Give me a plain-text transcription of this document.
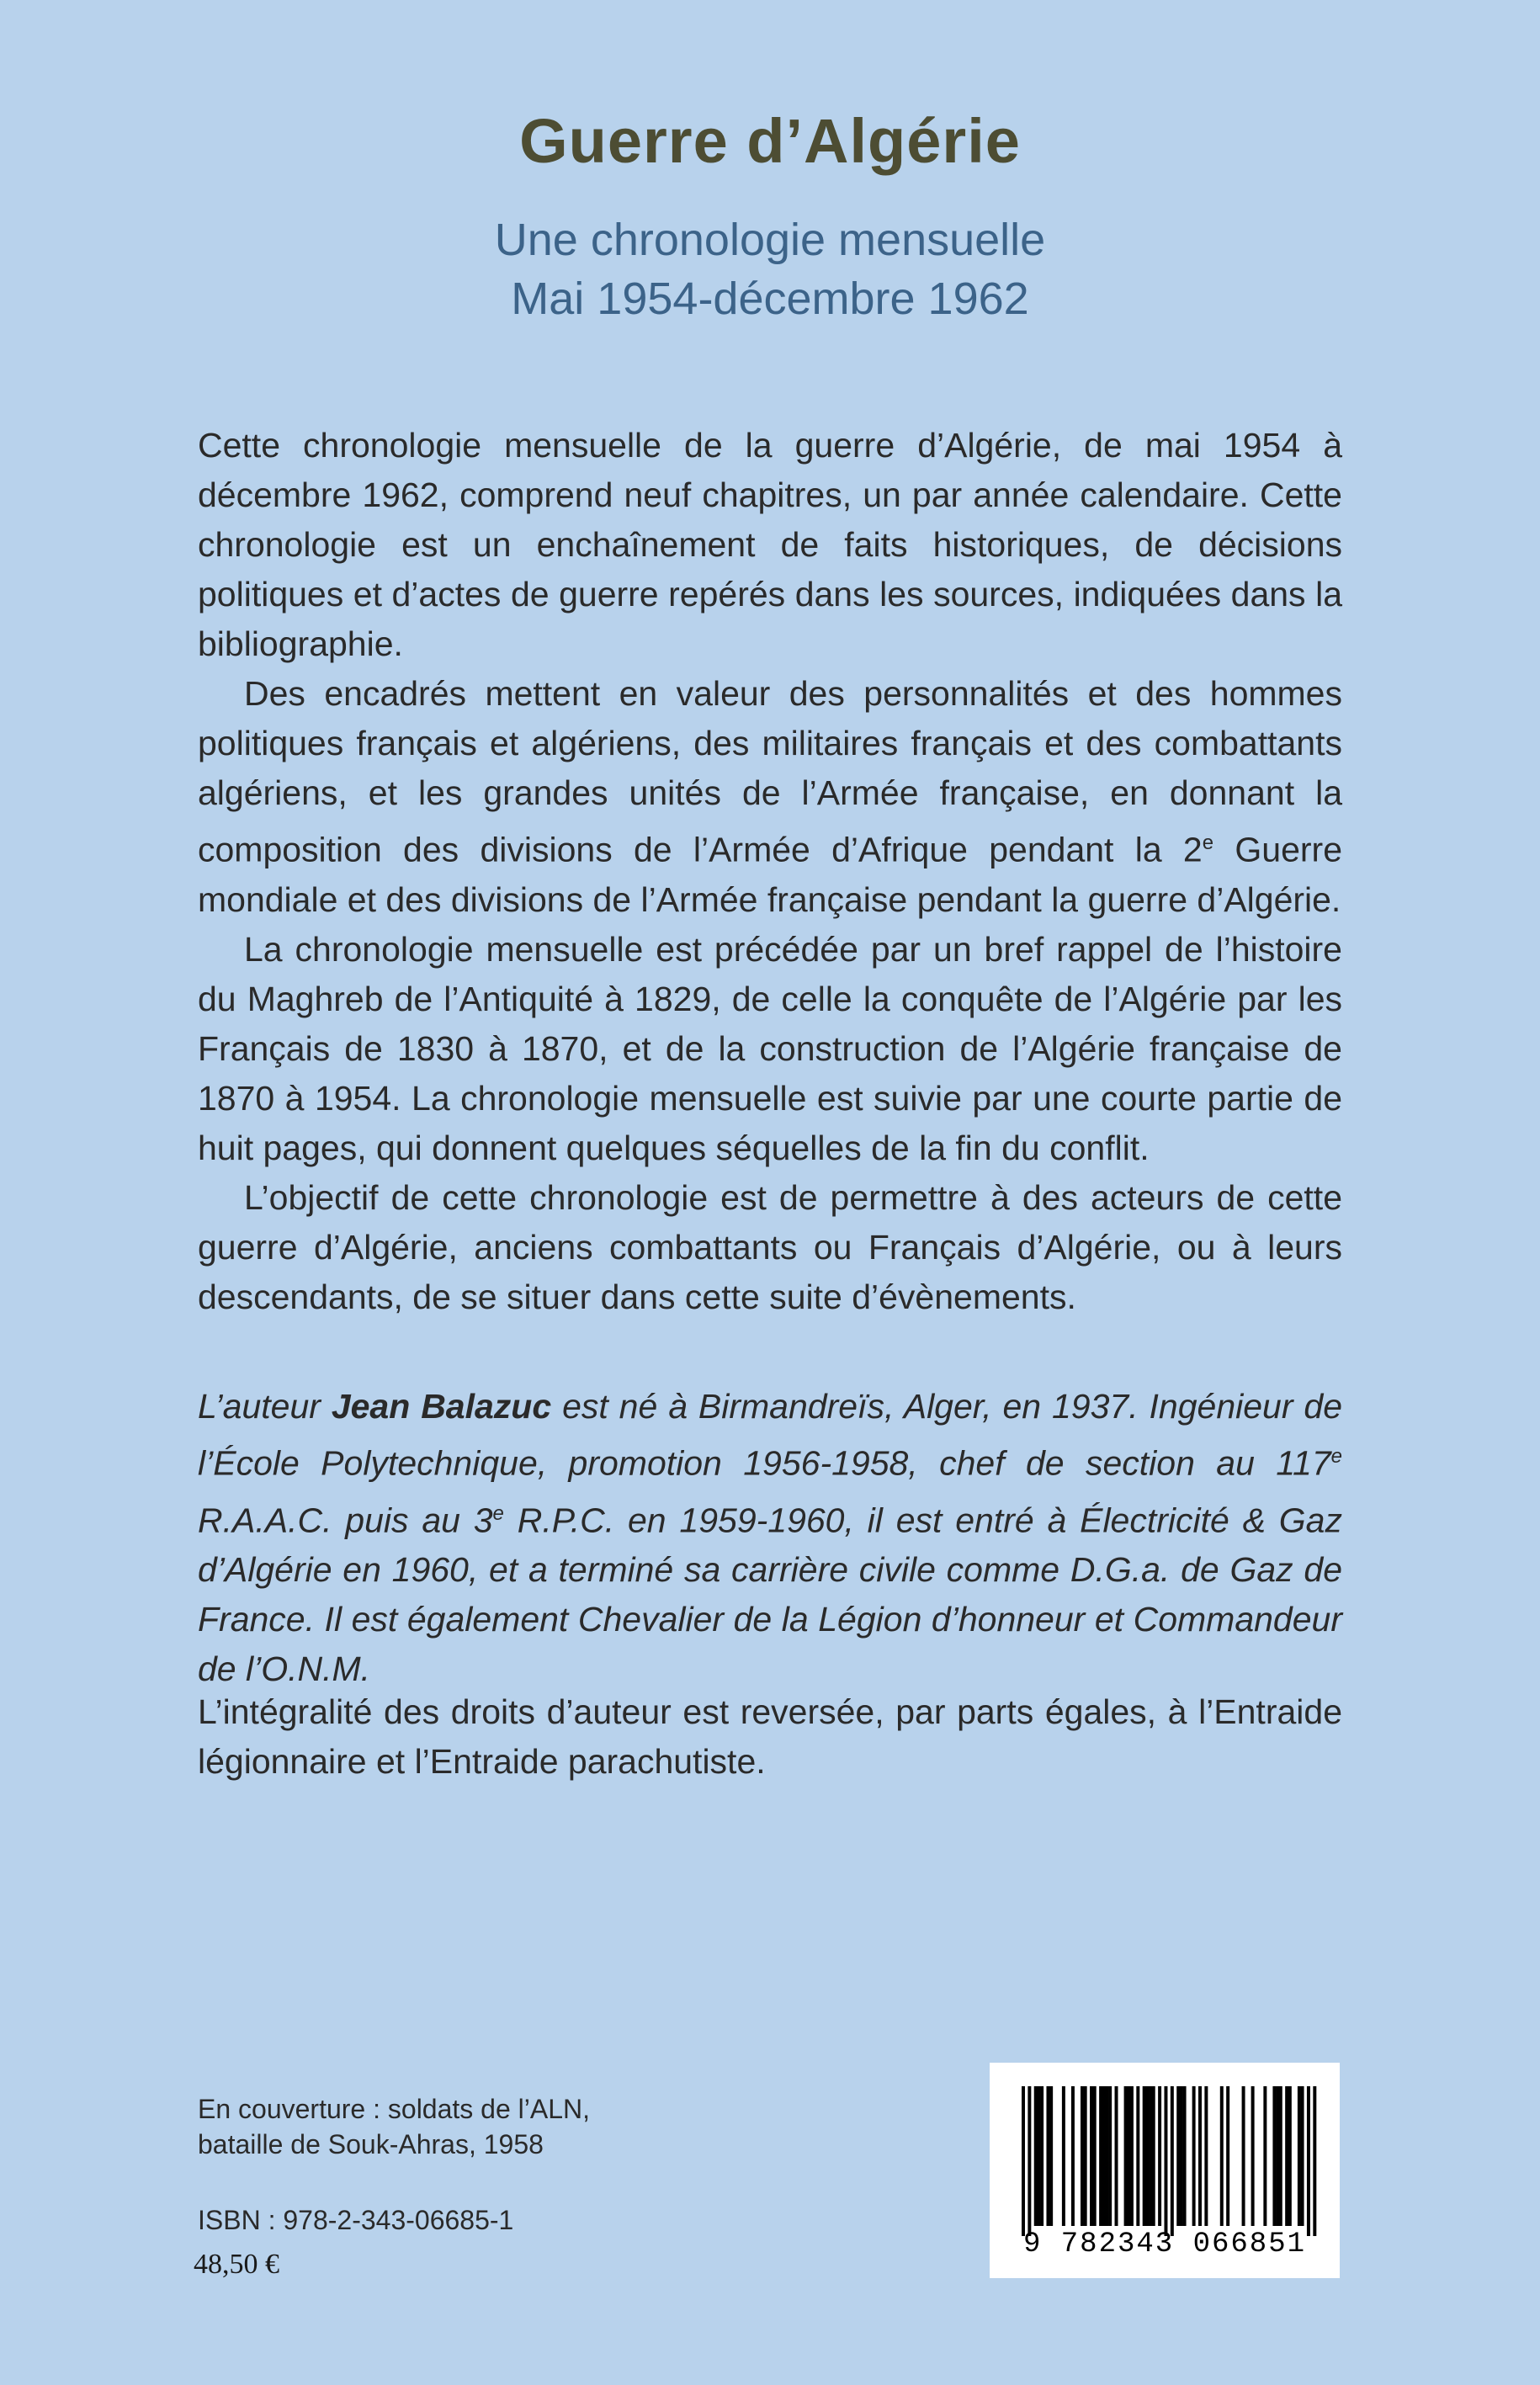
Guerre d’Algérie
Une chronologie mensuelle
Mai 1954-décembre 1962

Cette chronologie mensuelle de la guerre d’Algérie, de mai 1954 à décembre 1962, comprend neuf chapitres, un par année calendaire. Cette chronologie est un enchaînement de faits historiques, de décisions politiques et d’actes de guerre repérés dans les sources, indiquées dans la bibliographie.

Des encadrés mettent en valeur des personnalités et des hommes politiques français et algériens, des militaires français et des combattants algériens, et les grandes unités de l’Armée française, en donnant la composition des divisions de l’Armée d’Afrique pendant la 2e Guerre mondiale et des divisions de l’Armée française pendant la guerre d’Algérie.

La chronologie mensuelle est précédée par un bref rappel de l’histoire du Maghreb de l’Antiquité à 1829, de celle la conquête de l’Algérie par les Français de 1830 à 1870, et de la construction de l’Algérie française de 1870 à 1954. La chronologie mensuelle est suivie par une courte partie de huit pages, qui donnent quelques séquelles de la fin du conflit.

L’objectif de cette chronologie est de permettre à des acteurs de cette guerre d’Algérie, anciens combattants ou Français d’Algérie, ou à leurs descendants, de se situer dans cette suite d’évènements.

L’auteur Jean Balazuc est né à Birmandreïs, Alger, en 1937. Ingénieur de l’École Polytechnique, promotion 1956-1958, chef de section au 117e R.A.A.C. puis au 3e R.P.C. en 1959-1960, il est entré à Électricité & Gaz d’Algérie en 1960, et a terminé sa carrière civile comme D.G.a. de Gaz de France. Il est également Chevalier de la Légion d’honneur et Commandeur de l’O.N.M.
L’intégralité des droits d’auteur est reversée, par parts égales, à l’Entraide légionnaire et l’Entraide parachutiste.
En couverture : soldats de l’ALN,
bataille de Souk-Ahras, 1958
ISBN : 978-2-343-06685-1
48,50 €
9 782343 066851
